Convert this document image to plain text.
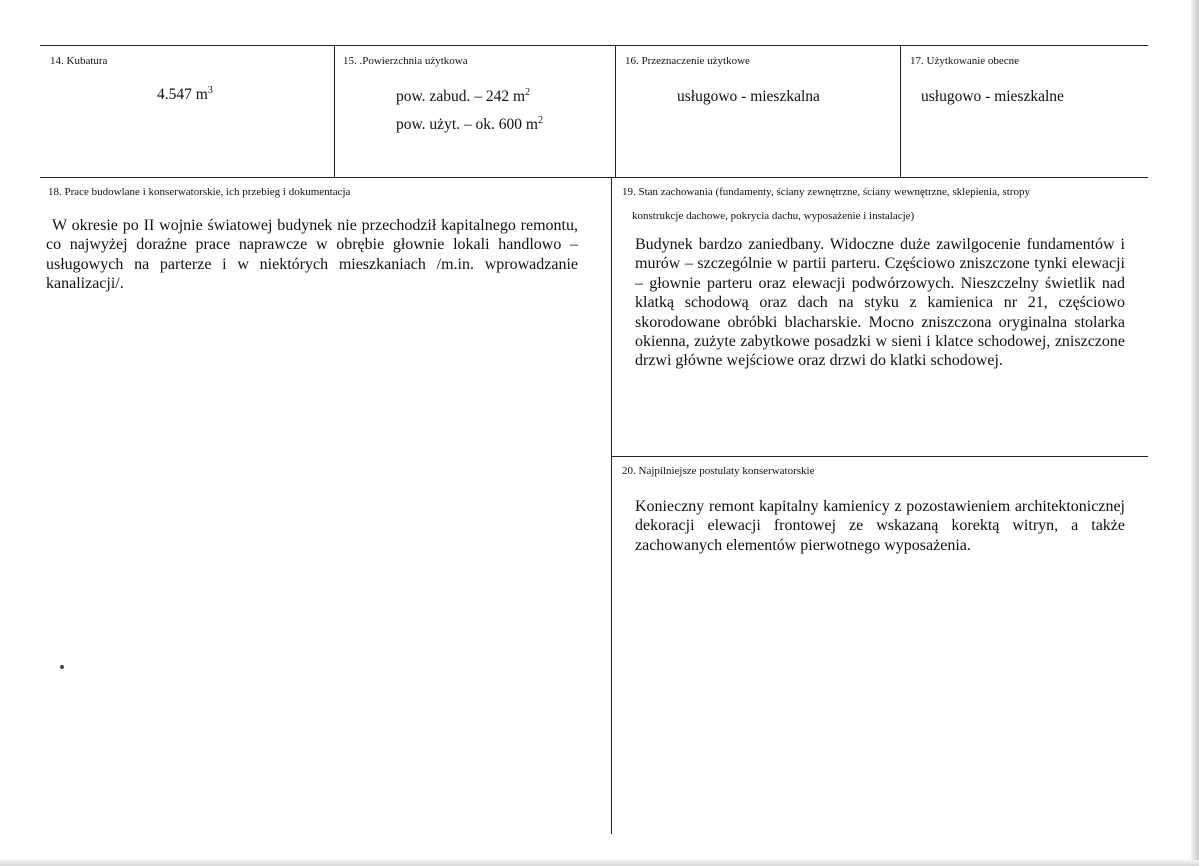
14. Kubatura
4.547 $m^3$
15. .Powierzchnia użytkowa
pow. zabud. – 242 $m^2$
pow. użyt. – ok. 600 $m^2$
16. Przeznaczenie użytkowe
usługowo - mieszkalna
17. Użytkowanie obecne
usługowo - mieszkalne
18. Prace budowlane i konserwatorskie, ich przebieg i dokumentacja
W okresie po II wojnie światowej budynek nie przechodził kapitalnego remontu, co najwyżej doraźne prace naprawcze w obrębie głownie lokali handlowo – usługowych na parterze i w niektórych mieszkaniach /m.in. wprowadzanie kanalizacji/.
19. Stan zachowania (fundamenty, ściany zewnętrzne, ściany wewnętrzne, sklepienia, stropy
konstrukcje dachowe, pokrycia dachu, wyposażenie i instalacje)
Budynek bardzo zaniedbany. Widoczne duże zawilgocenie fundamentów i murów – szczególnie w partii parteru. Częściowo zniszczone tynki elewacji – głownie parteru oraz elewacji podwórzowych. Nieszczelny świetlik nad klatką schodową oraz dach na styku z kamienica nr 21, częściowo skorodowane obróbki blacharskie. Mocno zniszczona oryginalna stolarka okienna, zużyte zabytkowe posadzki w sieni i klatce schodowej, zniszczone drzwi główne wejściowe oraz drzwi do klatki schodowej.
20. Najpilniejsze postulaty konserwatorskie
Konieczny remont kapitalny kamienicy z pozostawieniem architektonicznej dekoracji elewacji frontowej ze wskazaną korektą witryn, a także zachowanych elementów pierwotnego wyposażenia.
